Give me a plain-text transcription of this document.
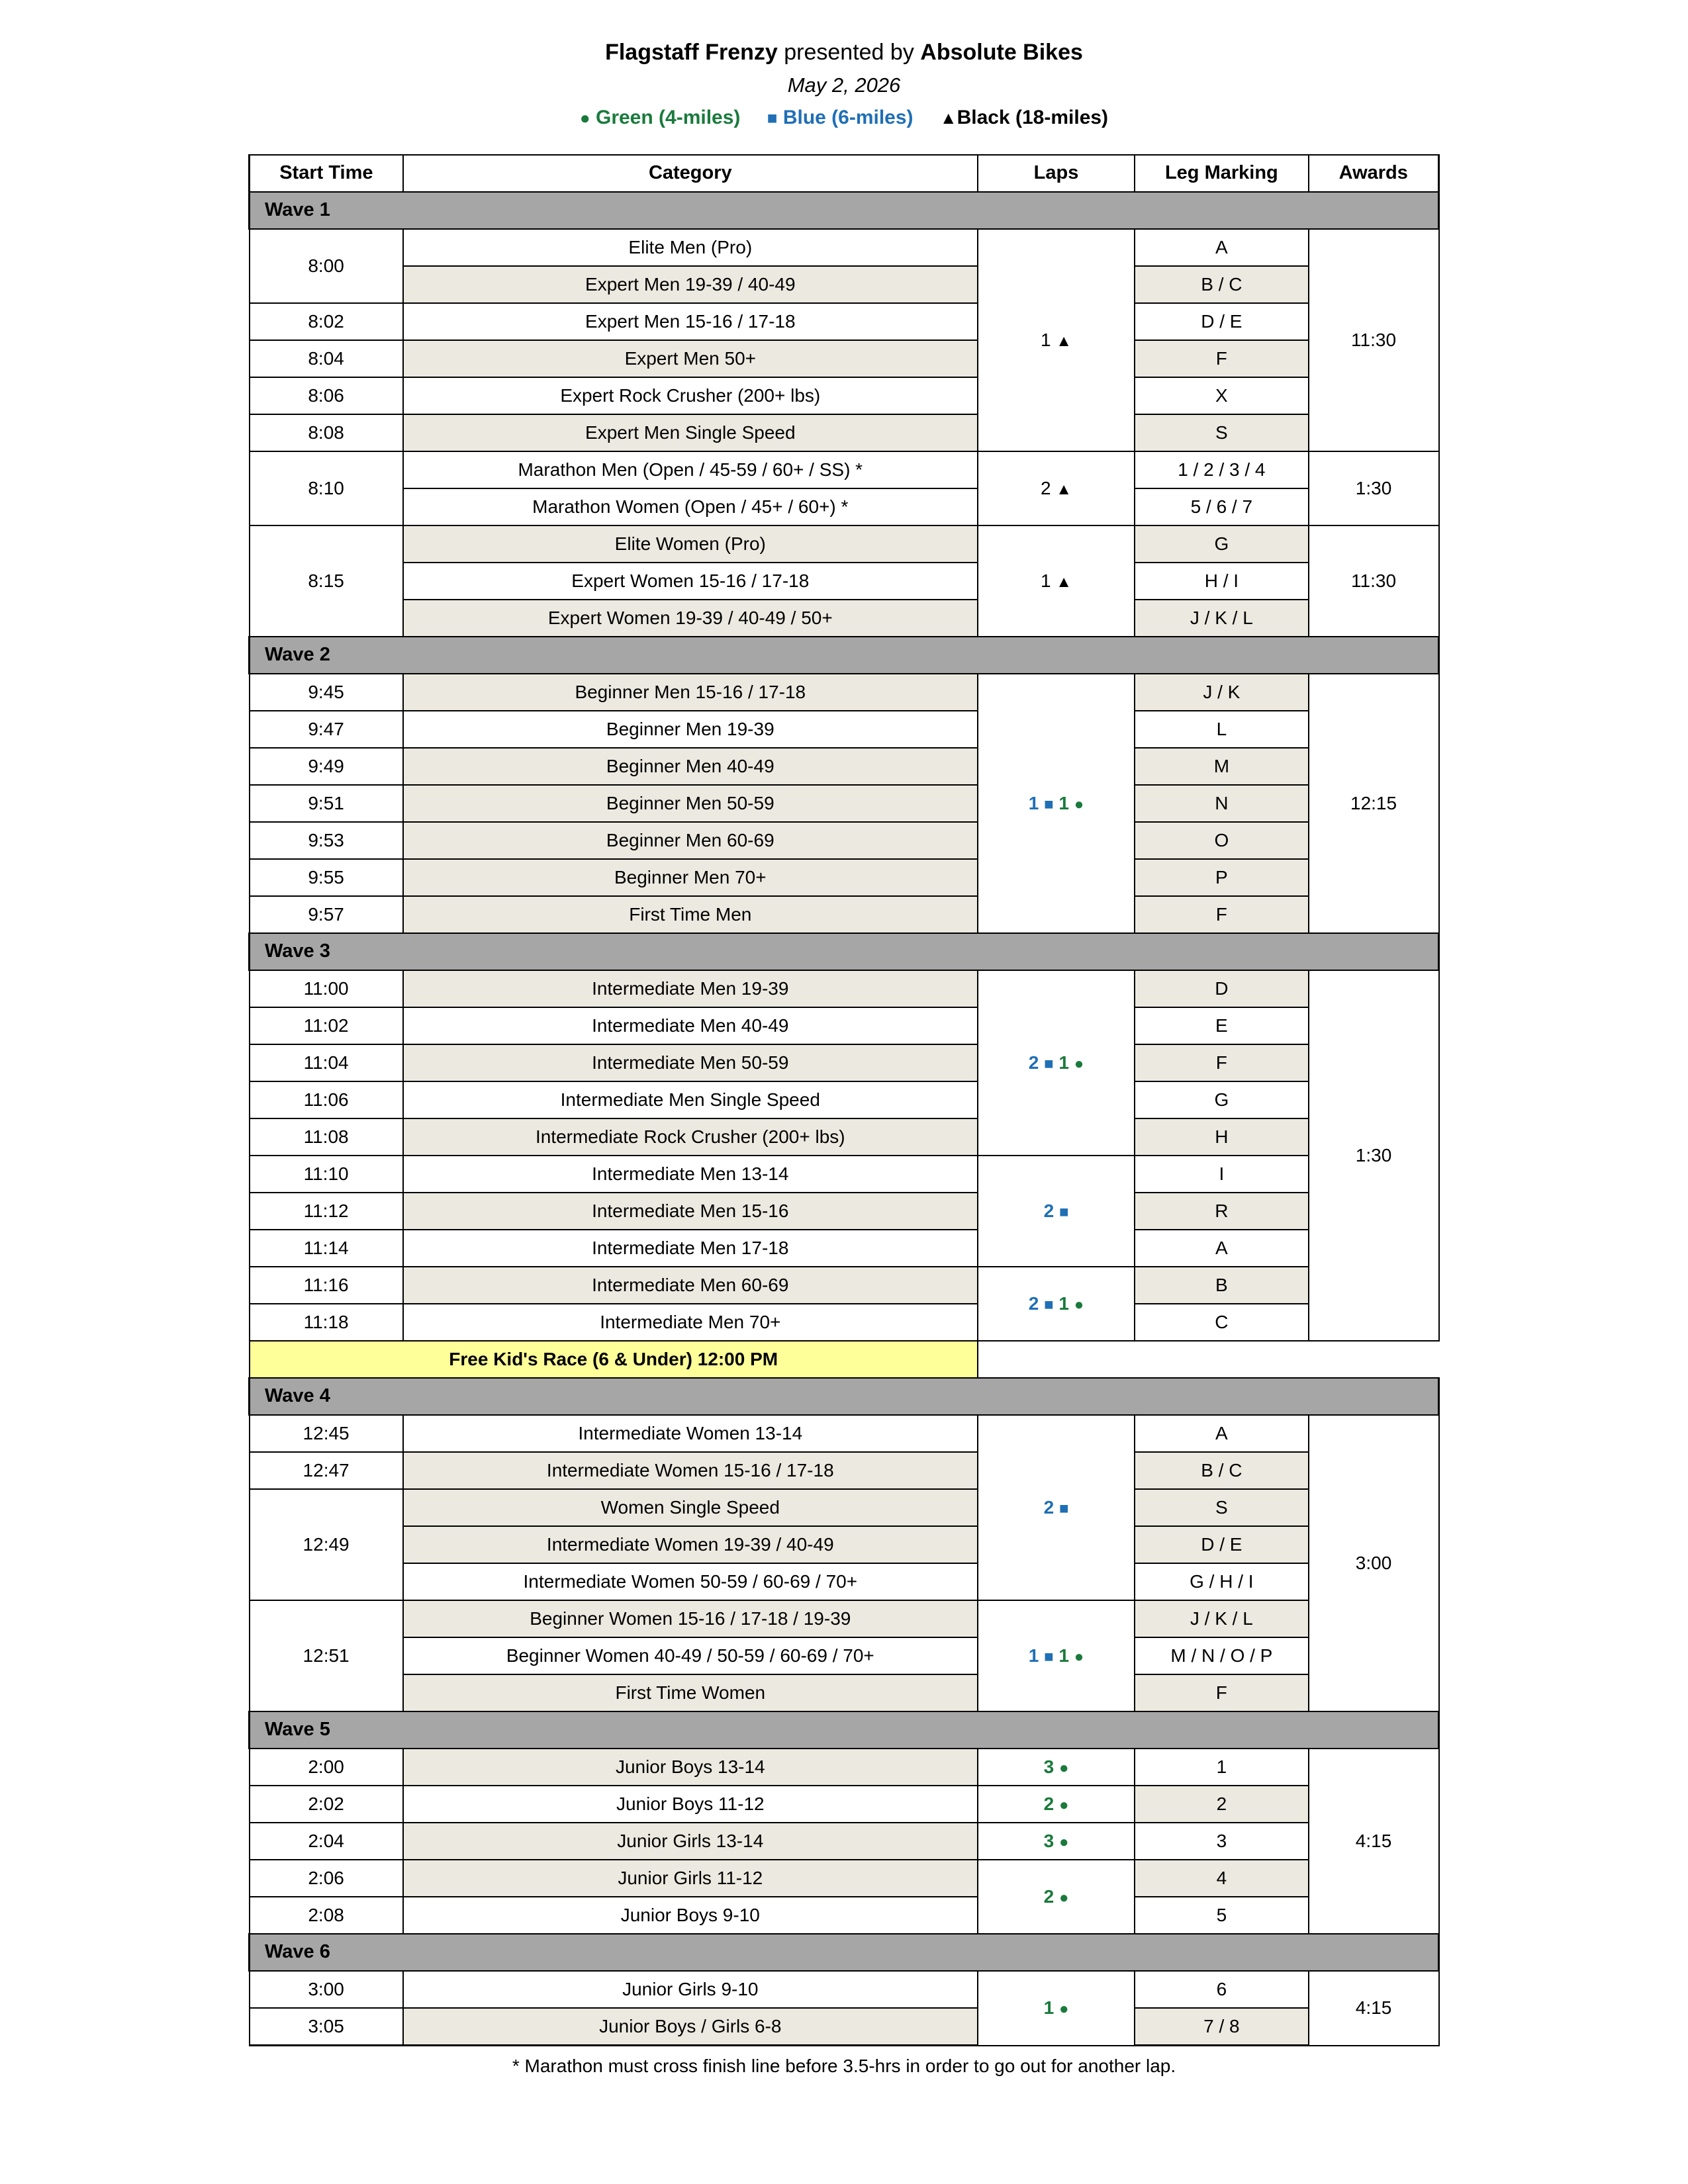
Flagstaff Frenzy presented by Absolute Bikes
May 2, 2026
● Green (4-miles) ■ Blue (6-miles) ▲Black (18-miles)
Start Time	Category	Laps	Leg Marking	Awards
Wave 1				
8:00	Elite Men (Pro)	1 ▲	A	11:30
	Expert Men 19-39 / 40-49		B / C	
8:02	Expert Men 15-16 / 17-18		D / E	
8:04	Expert Men 50+		F	
8:06	Expert Rock Crusher (200+ lbs)		X	
8:08	Expert Men Single Speed		S	
8:10	Marathon Men (Open / 45-59 / 60+ / SS) *	2 ▲	1 / 2 / 3 / 4	1:30
	Marathon Women (Open / 45+ / 60+) *		5 / 6 / 7	
8:15	Elite Women (Pro)	1 ▲	G	11:30
	Expert Women 15-16 / 17-18		H / I	
	Expert Women 19-39 / 40-49 / 50+		J / K / L	
Wave 2				
9:45	Beginner Men 15-16 / 17-18	1 ■ 1 ●	J / K	12:15
9:47	Beginner Men 19-39		L	
9:49	Beginner Men 40-49		M	
9:51	Beginner Men 50-59		N	
9:53	Beginner Men 60-69		O	
9:55	Beginner Men 70+		P	
9:57	First Time Men		F	
Wave 3				
11:00	Intermediate Men 19-39	2 ■ 1 ●	D	1:30
11:02	Intermediate Men 40-49		E	
11:04	Intermediate Men 50-59		F	
11:06	Intermediate Men Single Speed		G	
11:08	Intermediate Rock Crusher (200+ lbs)		H	
11:10	Intermediate Men 13-14	2 ■	I	
11:12	Intermediate Men 15-16		R	
11:14	Intermediate Men 17-18		A	
11:16	Intermediate Men 60-69	2 ■ 1 ●	B	
11:18	Intermediate Men 70+		C	
Free Kid's Race (6 & Under) 12:00 PM				
Wave 4				
12:45	Intermediate Women 13-14	2 ■	A	3:00
12:47	Intermediate Women 15-16 / 17-18		B / C	
12:49	Women Single Speed		S	
	Intermediate Women 19-39 / 40-49		D / E	
	Intermediate Women 50-59 / 60-69 / 70+		G / H / I	
12:51	Beginner Women 15-16 / 17-18 / 19-39	1 ■ 1 ●	J / K / L	
	Beginner Women 40-49 / 50-59 / 60-69 / 70+		M / N / O / P	
	First Time Women		F	
Wave 5				
2:00	Junior Boys 13-14	3 ●	1	4:15
2:02	Junior Boys 11-12	2 ●	2	
2:04	Junior Girls 13-14	3 ●	3	
2:06	Junior Girls 11-12	2 ●	4	
2:08	Junior Boys 9-10		5	
Wave 6				
3:00	Junior Girls 9-10	1 ●	6	4:15
3:05	Junior Boys / Girls 6-8		7 / 8	
* Marathon must cross finish line before 3.5-hrs in order to go out for another lap.
